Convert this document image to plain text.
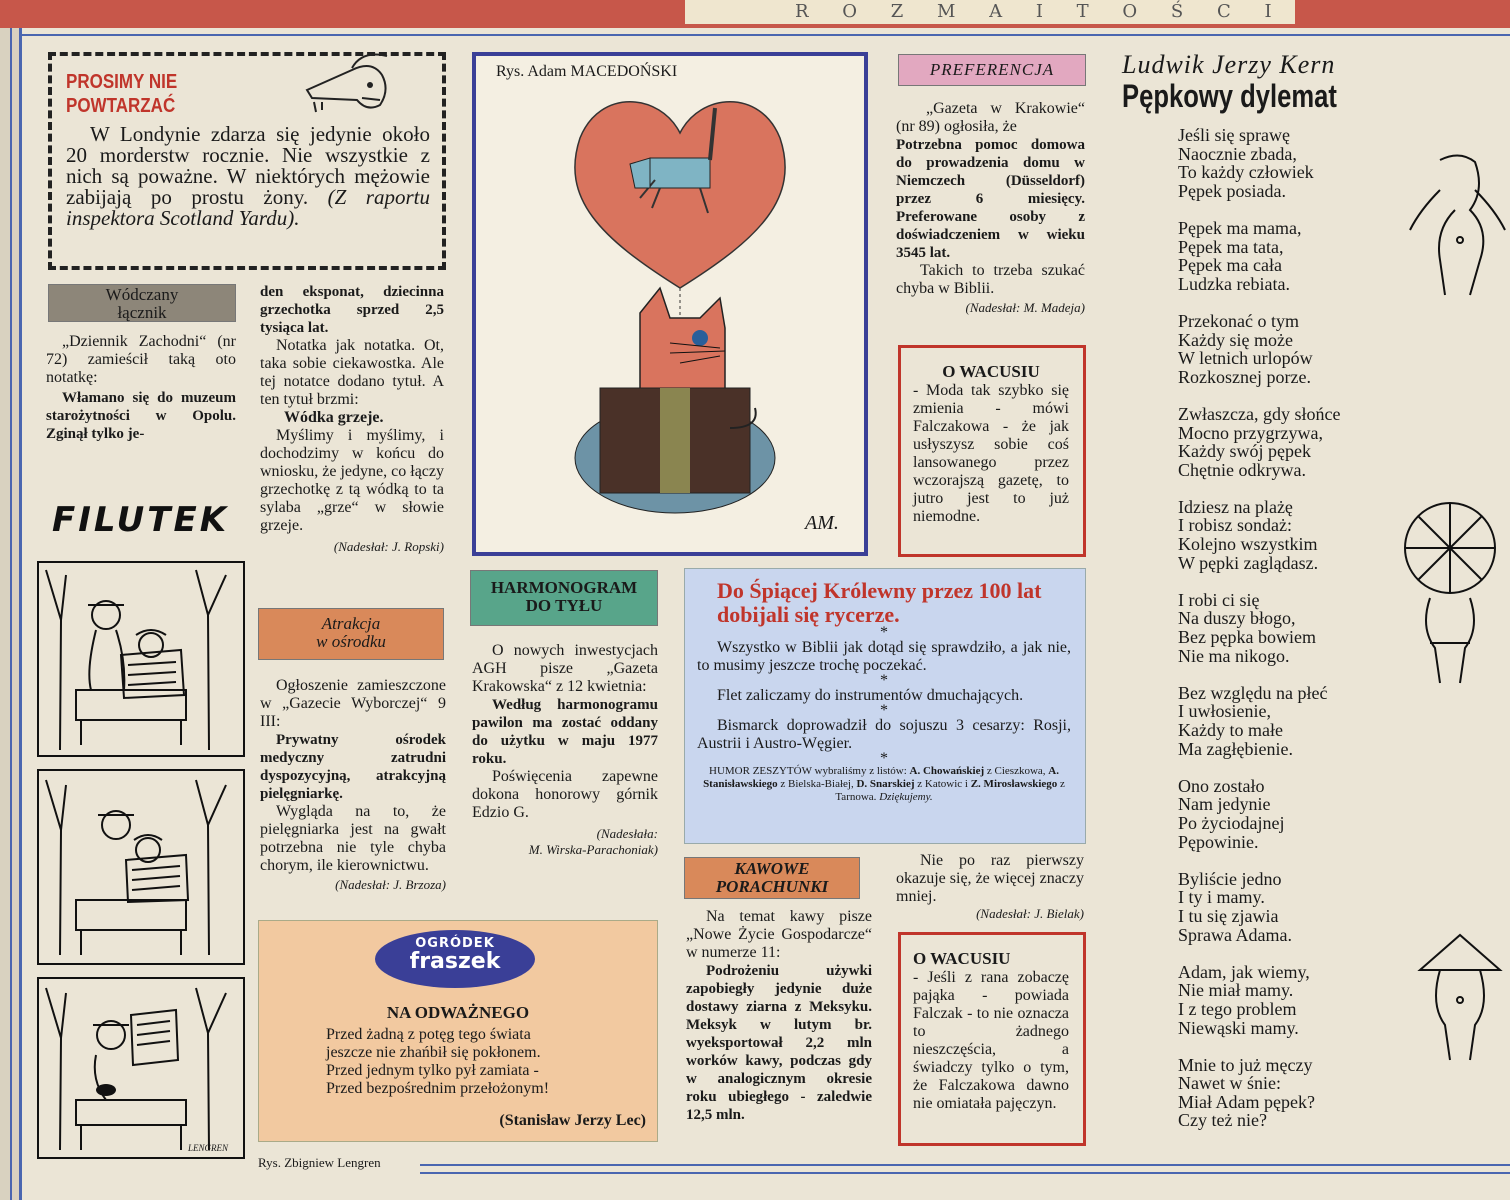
R O Z M A I T O Ś C I
PROSIMY NIE
POWTARZAĆ
W Londynie zdarza się jedynie około 20 morderstw rocznie. Nie wszystkie z nich są poważne. W niektórych mężowie zabijają po prostu żony. (Z raportu inspektora Scotland Yardu).
Wódczany
łącznik
„Dziennik Zachodni“ (nr 72) zamieścił taką oto notatkę:
Włamano się do muzeum starożytności w Opolu. Zginął tylko je-
den eksponat, dziecinna grzechotka sprzed 2,5 tysiąca lat.
Notatka jak notatka. Ot, taka sobie ciekawostka. Ale tej notatce dodano tytuł. A ten tytuł brzmi:
Wódka grzeje.
Myślimy i myślimy, i dochodzimy w końcu do wniosku, że jedyne, co łączy grzechotkę z tą wódką to ta sylaba „grze“ w słowie grzeje.
(Nadesłał: J. Ropski)
FILUTEK
LENGREN
Rys. Zbigniew Lengren
Atrakcja
w ośrodku
Ogłoszenie zamieszczone w „Gazecie Wyborczej“ 9 III:
Prywatny ośrodek medyczny zatrudni dyspozycyjną, atrakcyjną pielęgniarkę.
Wygląda na to, że pielęgniarka jest na gwałt potrzebna nie tyle chyba chorym, ile kierownictwu.
(Nadesłał: J. Brzoza)
OGRÓDEK
fraszek
NA ODWAŻNEGO
Przed żadną z potęg tego świata
jeszcze nie zhańbił się pokłonem.
Przed jednym tylko pył zamiata -
Przed bezpośrednim przełożonym!
(Stanisław Jerzy Lec)
Rys. Adam MACEDOŃSKI
AM.
HARMONOGRAM
DO TYŁU
O nowych inwestycjach AGH pisze „Gazeta Krakowska“ z 12 kwietnia:
Według harmonogramu pawilon ma zostać oddany do użytku w maju 1977 roku.
Poświęcenia zapewne dokona honorowy górnik Edzio G.
(Nadesłała:
M. Wirska-Parachoniak)
PREFERENCJA
„Gazeta w Krakowie“ (nr 89) ogłosiła, że
Potrzebna pomoc domowa do prowadzenia domu w Niemczech (Düsseldorf) przez 6 miesięcy. Preferowane osoby z doświadczeniem w wieku 3545 lat.
Takich to trzeba szukać chyba w Biblii.
(Nadesłał: M. Madeja)
O WACUSIU
- Moda tak szybko się zmienia - mówi Falczakowa - że jak usłyszysz sobie coś lansowanego przez wczorajszą gazetę, to jutro jest to już niemodne.
Do Śpiącej Królewny przez 100 lat dobijali się rycerze.
*
Wszystko w Biblii jak dotąd się sprawdziło, a jak nie, to musimy jeszcze trochę poczekać.
*
Flet zaliczamy do instrumentów dmuchających.
*
Bismarck doprowadził do sojuszu 3 cesarzy: Rosji, Austrii i Austro-Węgier.
*
HUMOR ZESZYTÓW wybraliśmy z listów: A. Chowańskiej z Cieszkowa, A. Stanisławskiego z Bielska-Białej, D. Snarskiej z Katowic i Z. Mirosławskiego z Tarnowa. Dziękujemy.
KAWOWE
PORACHUNKI
Na temat kawy pisze „Nowe Życie Gospodarcze“ w numerze 11:
Podrożeniu używki zapobiegły jedynie duże dostawy ziarna z Meksyku. Meksyk w lutym br. wyeksportował 2,2 mln worków kawy, podczas gdy w analogicznym okresie roku ubiegłego - zaledwie 12,5 mln.
Nie po raz pierwszy okazuje się, że więcej znaczy mniej.
(Nadesłał: J. Bielak)
O WACUSIU
- Jeśli z rana zobaczę pająka - powiada Falczak - to nie oznacza to żadnego nieszczęścia, a świadczy tylko o tym, że Falczakowa dawno nie omiatała pajęczyn.
Ludwik Jerzy Kern
Pępkowy dylemat
Jeśli się sprawę
Naocznie zbada,
To każdy człowiek
Pępek posiada.
Pępek ma mama,
Pępek ma tata,
Pępek ma cała
Ludzka rebiata.
Przekonać o tym
Każdy się może
W letnich urlopów
Rozkosznej porze.
Zwłaszcza, gdy słońce
Mocno przygrzywa,
Każdy swój pępek
Chętnie odkrywa.
Idziesz na plażę
I robisz sondaż:
Kolejno wszystkim
W pępki zaglądasz.
I robi ci się
Na duszy błogo,
Bez pępka bowiem
Nie ma nikogo.
Bez względu na płeć
I uwłosienie,
Każdy to małe
Ma zagłębienie.
Ono zostało
Nam jedynie
Po życiodajnej
Pępowinie.
Byliście jedno
I ty i mamy.
I tu się zjawia
Sprawa Adama.
Adam, jak wiemy,
Nie miał mamy.
I z tego problem
Niewąski mamy.
Mnie to już męczy
Nawet w śnie:
Miał Adam pępek?
Czy też nie?
